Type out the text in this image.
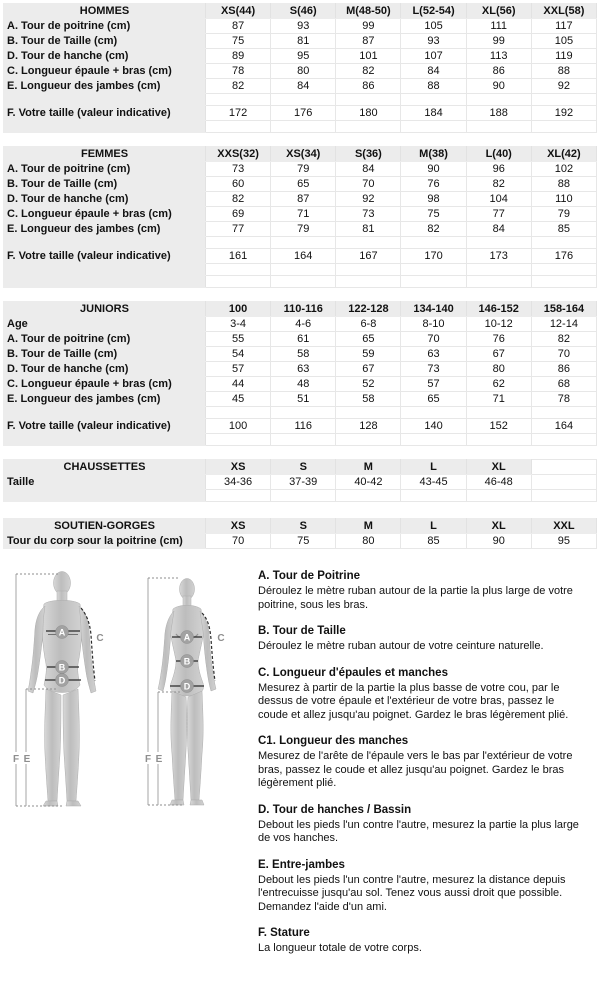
HOMMES	XS(44)	S(46)	M(48-50)	L(52-54)	XL(56)	XXL(58)
A. Tour de poitrine (cm)	87	93	99	105	111	117
B. Tour de Taille (cm)	75	81	87	93	99	105
D. Tour de hanche (cm)	89	95	101	107	113	119
C. Longueur épaule + bras (cm)	78	80	82	84	86	88
E. Longueur des jambes (cm)	82	84	86	88	90	92

F. Votre taille (valeur indicative)	172	176	180	184	188	192

FEMMES	XXS(32)	XS(34)	S(36)	M(38)	L(40)	XL(42)
A. Tour de poitrine (cm)	73	79	84	90	96	102
B. Tour de Taille (cm)	60	65	70	76	82	88
D. Tour de hanche (cm)	82	87	92	98	104	110
C. Longueur épaule + bras (cm)	69	71	73	75	77	79
E. Longueur des jambes (cm)	77	79	81	82	84	85

F. Votre taille (valeur indicative)	161	164	167	170	173	176

JUNIORS	100	110-116	122-128	134-140	146-152	158-164
Age	3-4	4-6	6-8	8-10	10-12	12-14
A. Tour de poitrine (cm)	55	61	65	70	76	82
B. Tour de Taille (cm)	54	58	59	63	67	70
D. Tour de hanche (cm)	57	63	67	73	80	86
C. Longueur épaule + bras (cm)	44	48	52	57	62	68
E. Longueur des jambes (cm)	45	51	58	65	71	78

F. Votre taille (valeur indicative)	100	116	128	140	152	164

CHAUSSETTES	XS	S	M	L	XL	
Taille	34-36	37-39	40-42	43-45	46-48	

SOUTIEN-GORGES	XS	S	M	L	XL	XXL
Tour du corp sour la poitrine (cm)	70	75	80	85	90	95
F E
A
B
D
C
F E
A
B
D
C
A. Tour de Poitrine
Déroulez le mètre ruban autour de la partie la plus large de votre poitrine, sous les bras.
B. Tour de Taille
Déroulez le mètre ruban autour de votre ceinture naturelle.
C. Longueur d'épaules et manches
Mesurez à partir de la partie la plus basse de votre cou, par le dessus de votre épaule et l'extérieur de votre bras, passez le coude et allez jusqu'au poignet. Gardez le bras légèrement plié.
C1. Longueur des manches
Mesurez de l'arête de l'épaule vers le bas par l'extérieur de votre bras, passez le coude et allez jusqu'au poignet. Gardez le bras légèrement plié.
D. Tour de hanches / Bassin
Debout les pieds l'un contre l'autre, mesurez la partie la plus large de vos hanches.
E. Entre-jambes
Debout les pieds l'un contre l'autre, mesurez la distance depuis l'entrecuisse jusqu'au sol. Tenez vous aussi droit que possible. Demandez l'aide d'un ami.
F. Stature
La longueur totale de votre corps.
